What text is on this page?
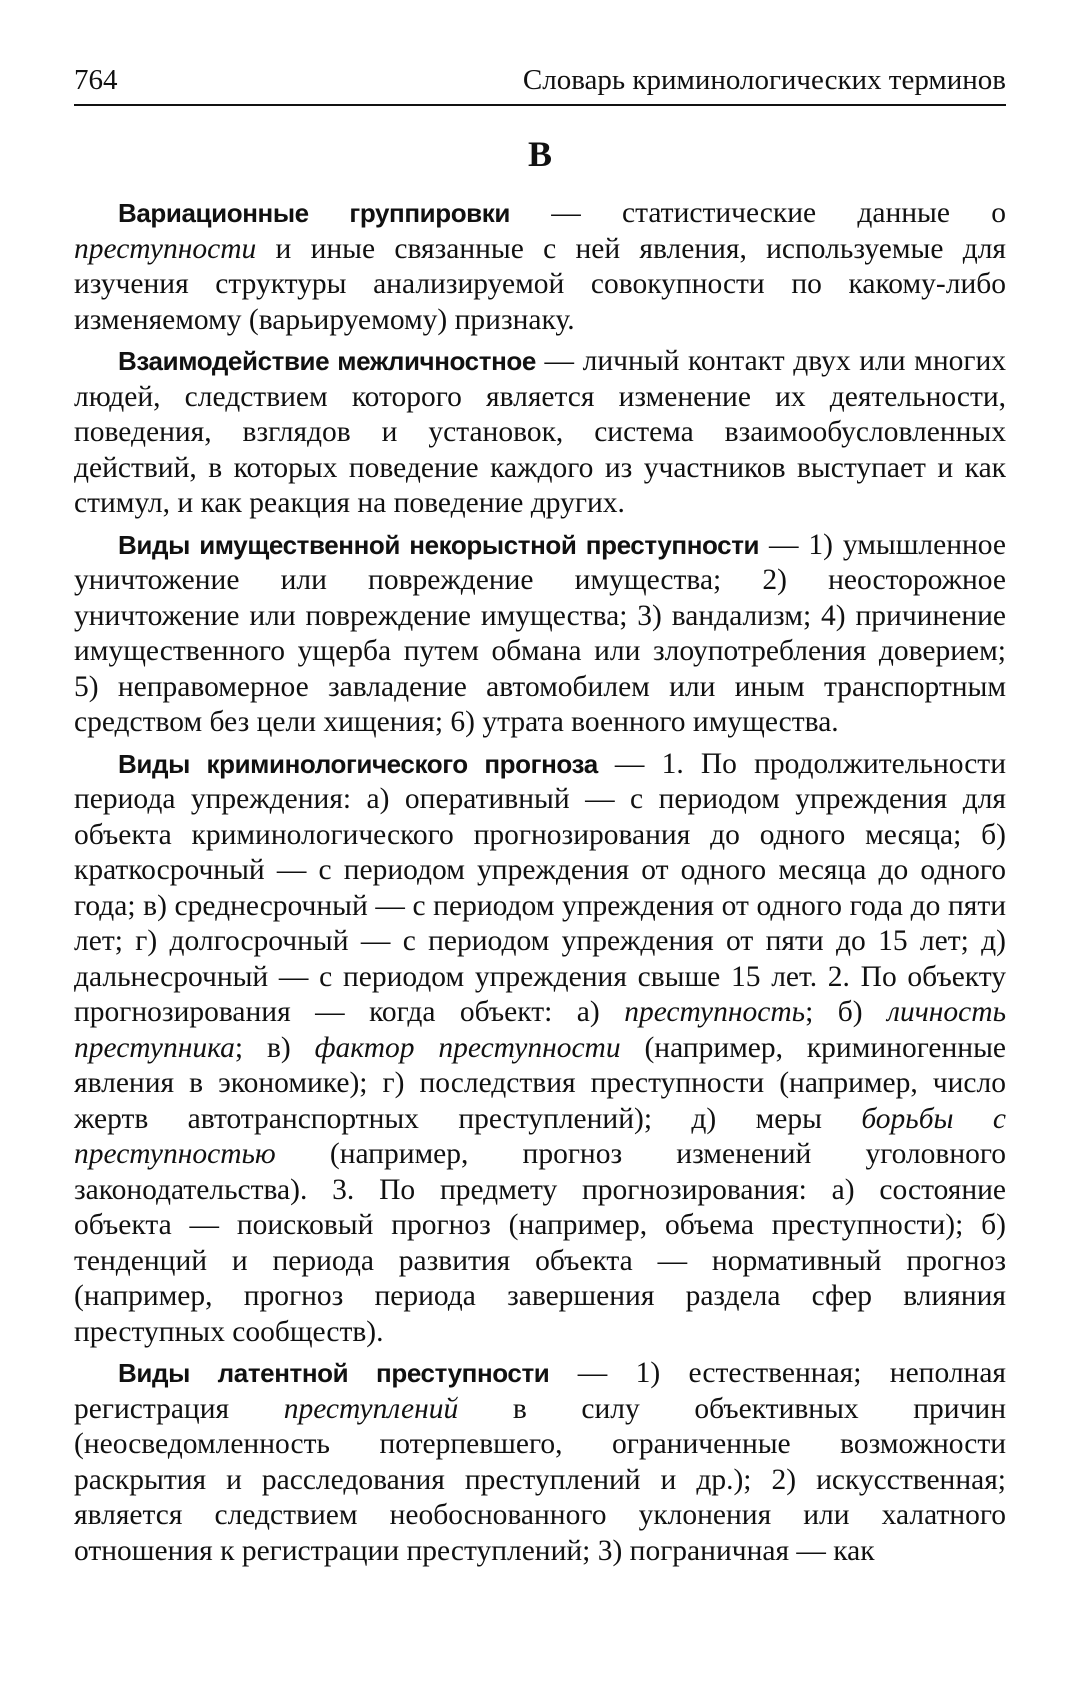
764	Словарь криминологических терминов
В

Вариационные группировки — статистические данные о преступности и иные связанные с ней явления, используемые для изучения структуры анализируемой совокупности по какому-либо изменяемому (варьируемому) признаку.

Взаимодействие межличностное — личный контакт двух или многих людей, следствием которого является изменение их деятельности, поведения, взглядов и установок, система взаимообусловленных действий, в которых поведение каждого из участников выступает и как стимул, и как реакция на поведение других.

Виды имущественной некорыстной преступности — 1) умышленное уничтожение или повреждение имущества; 2) неосторожное уничтожение или повреждение имущества; 3) вандализм; 4) причинение имущественного ущерба путем обмана или злоупотребления доверием; 5) неправомерное завладение автомобилем или иным транспортным средством без цели хищения; 6) утрата военного имущества.

Виды криминологического прогноза — 1. По продолжительности периода упреждения: а) оперативный — с периодом упреждения для объекта криминологического прогнозирования до одного месяца; б) краткосрочный — с периодом упреждения от одного месяца до одного года; в) среднесрочный — с периодом упреждения от одного года до пяти лет; г) долгосрочный — с периодом упреждения от пяти до 15 лет; д) дальнесрочный — с периодом упреждения свыше 15 лет. 2. По объекту прогнозирования — когда объект: а) преступность; б) личность преступника; в) фактор преступности (например, криминогенные явления в экономике); г) последствия преступности (например, число жертв автотранспортных преступлений); д) меры борьбы с преступностью (например, прогноз изменений уголовного законодательства). 3. По предмету прогнозирования: а) состояние объекта — поисковый прогноз (например, объема преступности); б) тенденций и периода развития объекта — нормативный прогноз (например, прогноз периода завершения раздела сфер влияния преступных сообществ).

Виды латентной преступности — 1) естественная; неполная регистрация преступлений в силу объективных причин (неосведомленность потерпевшего, ограниченные возможности раскрытия и расследования преступлений и др.); 2) искусственная; является следствием необоснованного уклонения или халатного отношения к регистрации преступлений; 3) пограничная — как
